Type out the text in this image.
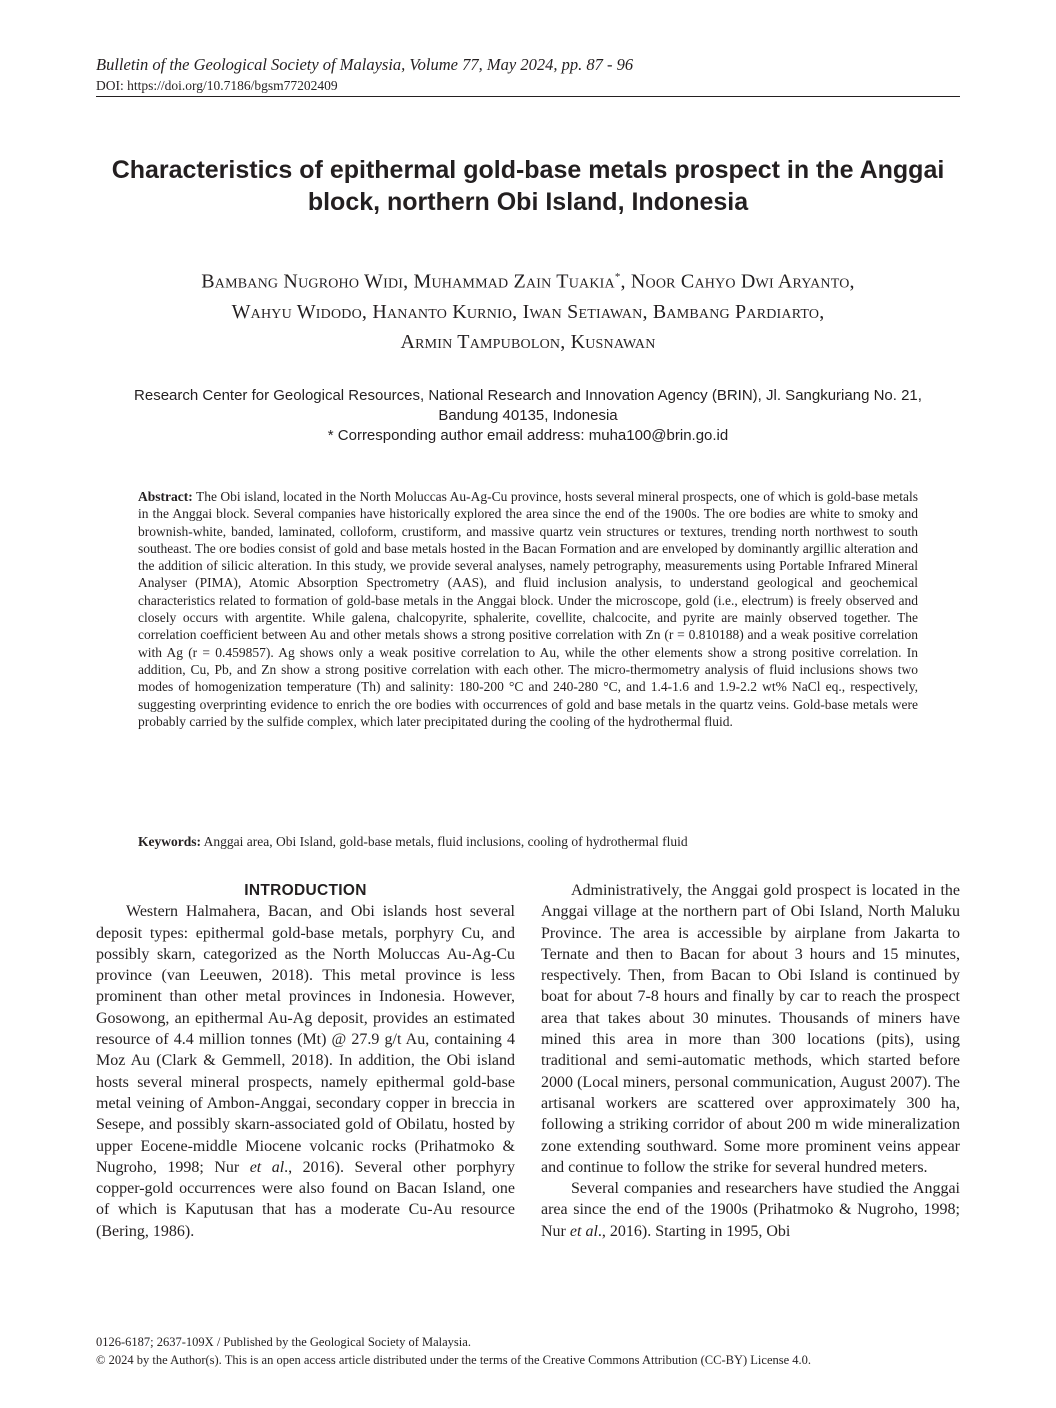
Bulletin of the Geological Society of Malaysia, Volume 77, May 2024, pp. 87 - 96
DOI: https://doi.org/10.7186/bgsm77202409
Characteristics of epithermal gold-base metals prospect in the Anggai block, northern Obi Island, Indonesia
Bambang Nugroho Widi, Muhammad Zain Tuakia*, Noor Cahyo Dwi Aryanto,
Wahyu Widodo, Hananto Kurnio, Iwan Setiawan, Bambang Pardiarto,
Armin Tampubolon, Kusnawan
Research Center for Geological Resources, National Research and Innovation Agency (BRIN), Jl. Sangkuriang No. 21,
Bandung 40135, Indonesia
* Corresponding author email address: muha100@brin.go.id
Abstract: The Obi island, located in the North Moluccas Au-Ag-Cu province, hosts several mineral prospects, one of which is gold-base metals in the Anggai block. Several companies have historically explored the area since the end of the 1900s. The ore bodies are white to smoky and brownish-white, banded, laminated, colloform, crustiform, and massive quartz vein structures or textures, trending north northwest to south southeast. The ore bodies consist of gold and base metals hosted in the Bacan Formation and are enveloped by dominantly argillic alteration and the addition of silicic alteration. In this study, we provide several analyses, namely petrography, measurements using Portable Infrared Mineral Analyser (PIMA), Atomic Absorption Spectrometry (AAS), and fluid inclusion analysis, to understand geological and geochemical characteristics related to formation of gold-base metals in the Anggai block. Under the microscope, gold (i.e., electrum) is freely observed and closely occurs with argentite. While galena, chalcopyrite, sphalerite, covellite, chalcocite, and pyrite are mainly observed together. The correlation coefficient between Au and other metals shows a strong positive correlation with Zn (r = 0.810188) and a weak positive correlation with Ag (r = 0.459857). Ag shows only a weak positive correlation to Au, while the other elements show a strong positive correlation. In addition, Cu, Pb, and Zn show a strong positive correlation with each other. The micro-thermometry analysis of fluid inclusions shows two modes of homogenization temperature (Th) and salinity: 180-200 °C and 240-280 °C, and 1.4-1.6 and 1.9-2.2 wt% NaCl eq., respectively, suggesting overprinting evidence to enrich the ore bodies with occurrences of gold and base metals in the quartz veins. Gold-base metals were probably carried by the sulfide complex, which later precipitated during the cooling of the hydrothermal fluid.
Keywords: Anggai area, Obi Island, gold-base metals, fluid inclusions, cooling of hydrothermal fluid
INTRODUCTION

Western Halmahera, Bacan, and Obi islands host several deposit types: epithermal gold-base metals, porphyry Cu, and possibly skarn, categorized as the North Moluccas Au-Ag-Cu province (van Leeuwen, 2018). This metal province is less prominent than other metal provinces in Indonesia. However, Gosowong, an epithermal Au-Ag deposit, provides an estimated resource of 4.4 million tonnes (Mt) @ 27.9 g/t Au, containing 4 Moz Au (Clark & Gemmell, 2018). In addition, the Obi island hosts several mineral prospects, namely epithermal gold-base metal veining of Ambon-Anggai, secondary copper in breccia in Sesepe, and possibly skarn-associated gold of Obilatu, hosted by upper Eocene-middle Miocene volcanic rocks (Prihatmoko & Nugroho, 1998; Nur et al., 2016). Several other porphyry copper-gold occurrences were also found on Bacan Island, one of which is Kaputusan that has a moderate Cu-Au resource (Bering, 1986).

Administratively, the Anggai gold prospect is located in the Anggai village at the northern part of Obi Island, North Maluku Province. The area is accessible by airplane from Jakarta to Ternate and then to Bacan for about 3 hours and 15 minutes, respectively. Then, from Bacan to Obi Island is continued by boat for about 7-8 hours and finally by car to reach the prospect area that takes about 30 minutes. Thousands of miners have mined this area in more than 300 locations (pits), using traditional and semi-automatic methods, which started before 2000 (Local miners, personal communication, August 2007). The artisanal workers are scattered over approximately 300 ha, following a striking corridor of about 200 m wide mineralization zone extending southward. Some more prominent veins appear and continue to follow the strike for several hundred meters.

Several companies and researchers have studied the Anggai area since the end of the 1900s (Prihatmoko & Nugroho, 1998; Nur et al., 2016). Starting in 1995, Obi

0126-6187; 2637-109X / Published by the Geological Society of Malaysia.
© 2024 by the Author(s). This is an open access article distributed under the terms of the Creative Commons Attribution (CC-BY) License 4.0.
